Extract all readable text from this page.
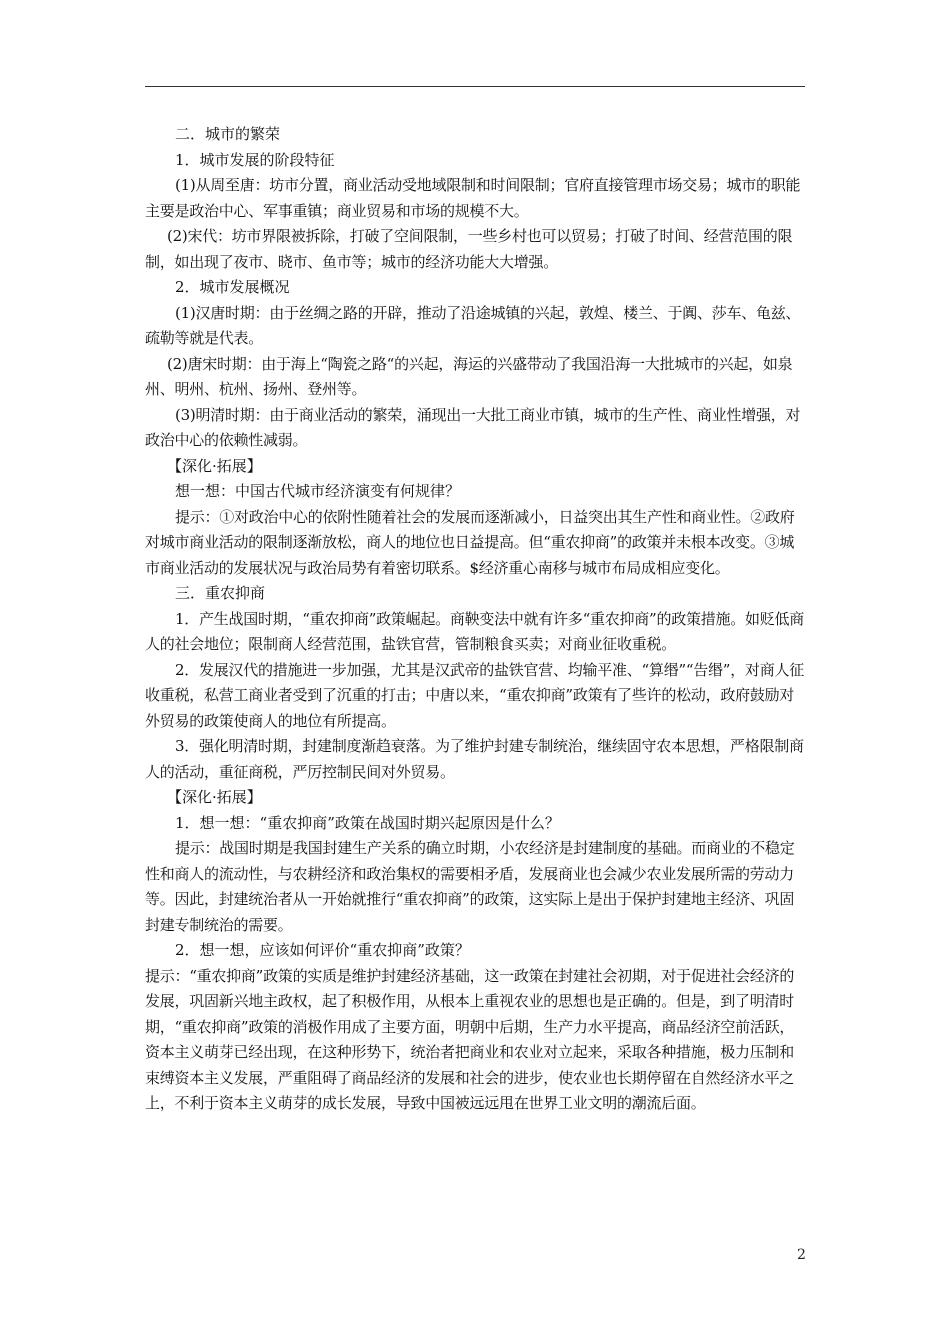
二．城市的繁荣

1．城市发展的阶段特征

(1)从周至唐：坊市分置，商业活动受地域限制和时间限制；官府直接管理市场交易；城市的职能主要是政治中心、军事重镇；商业贸易和市场的规模不大。

(2)宋代：坊市界限被拆除，打破了空间限制，一些乡村也可以贸易；打破了时间、经营范围的限制，如出现了夜市、晓市、鱼市等；城市的经济功能大大增强。

2．城市发展概况

(1)汉唐时期：由于丝绸之路的开辟，推动了沿途城镇的兴起，敦煌、楼兰、于阗、莎车、龟兹、疏勒等就是代表。

(2)唐宋时期：由于海上“陶瓷之路“的兴起，海运的兴盛带动了我国沿海一大批城市的兴起，如泉州、明州、杭州、扬州、登州等。

(3)明清时期：由于商业活动的繁荣，涌现出一大批工商业市镇，城市的生产性、商业性增强，对政治中心的依赖性减弱。

【深化·拓展】

想一想：中国古代城市经济演变有何规律？

提示：①对政治中心的依附性随着社会的发展而逐渐减小，日益突出其生产性和商业性。②政府对城市商业活动的限制逐渐放松，商人的地位也日益提高。但“重农抑商”的政策并未根本改变。③城市商业活动的发展状况与政治局势有着密切联系。$经济重心南移与城市布局成相应变化。

三．重农抑商

1．产生战国时期，“重农抑商”政策崛起。商鞅变法中就有许多“重农抑商”的政策措施。如贬低商人的社会地位；限制商人经营范围，盐铁官营，管制粮食买卖；对商业征收重税。

2．发展汉代的措施进一步加强，尤其是汉武帝的盐铁官营、均输平准、“算缗”“告缗”，对商人征收重税，私营工商业者受到了沉重的打击；中唐以来，“重农抑商”政策有了些许的松动，政府鼓励对外贸易的政策使商人的地位有所提高。

3．强化明清时期，封建制度渐趋衰落。为了维护封建专制统治，继续固守农本思想，严格限制商人的活动，重征商税，严厉控制民间对外贸易。

【深化·拓展】

1．想一想：“重农抑商”政策在战国时期兴起原因是什么？

提示：战国时期是我国封建生产关系的确立时期，小农经济是封建制度的基础。而商业的不稳定性和商人的流动性，与农耕经济和政治集权的需要相矛盾，发展商业也会减少农业发展所需的劳动力等。因此，封建统治者从一开始就推行“重农抑商”的政策，这实际上是出于保护封建地主经济、巩固封建专制统治的需要。

2．想一想，应该如何评价“重农抑商”政策？

提示：“重农抑商”政策的实质是维护封建经济基础，这一政策在封建社会初期，对于促进社会经济的发展，巩固新兴地主政权，起了积极作用，从根本上重视农业的思想也是正确的。但是，到了明清时期，“重农抑商”政策的消极作用成了主要方面，明朝中后期，生产力水平提高，商品经济空前活跃，资本主义萌芽已经出现，在这种形势下，统治者把商业和农业对立起来，采取各种措施，极力压制和束缚资本主义发展，严重阻碍了商品经济的发展和社会的进步，使农业也长期停留在自然经济水平之上，不利于资本主义萌芽的成长发展，导致中国被远远甩在世界工业文明的潮流后面。

2
